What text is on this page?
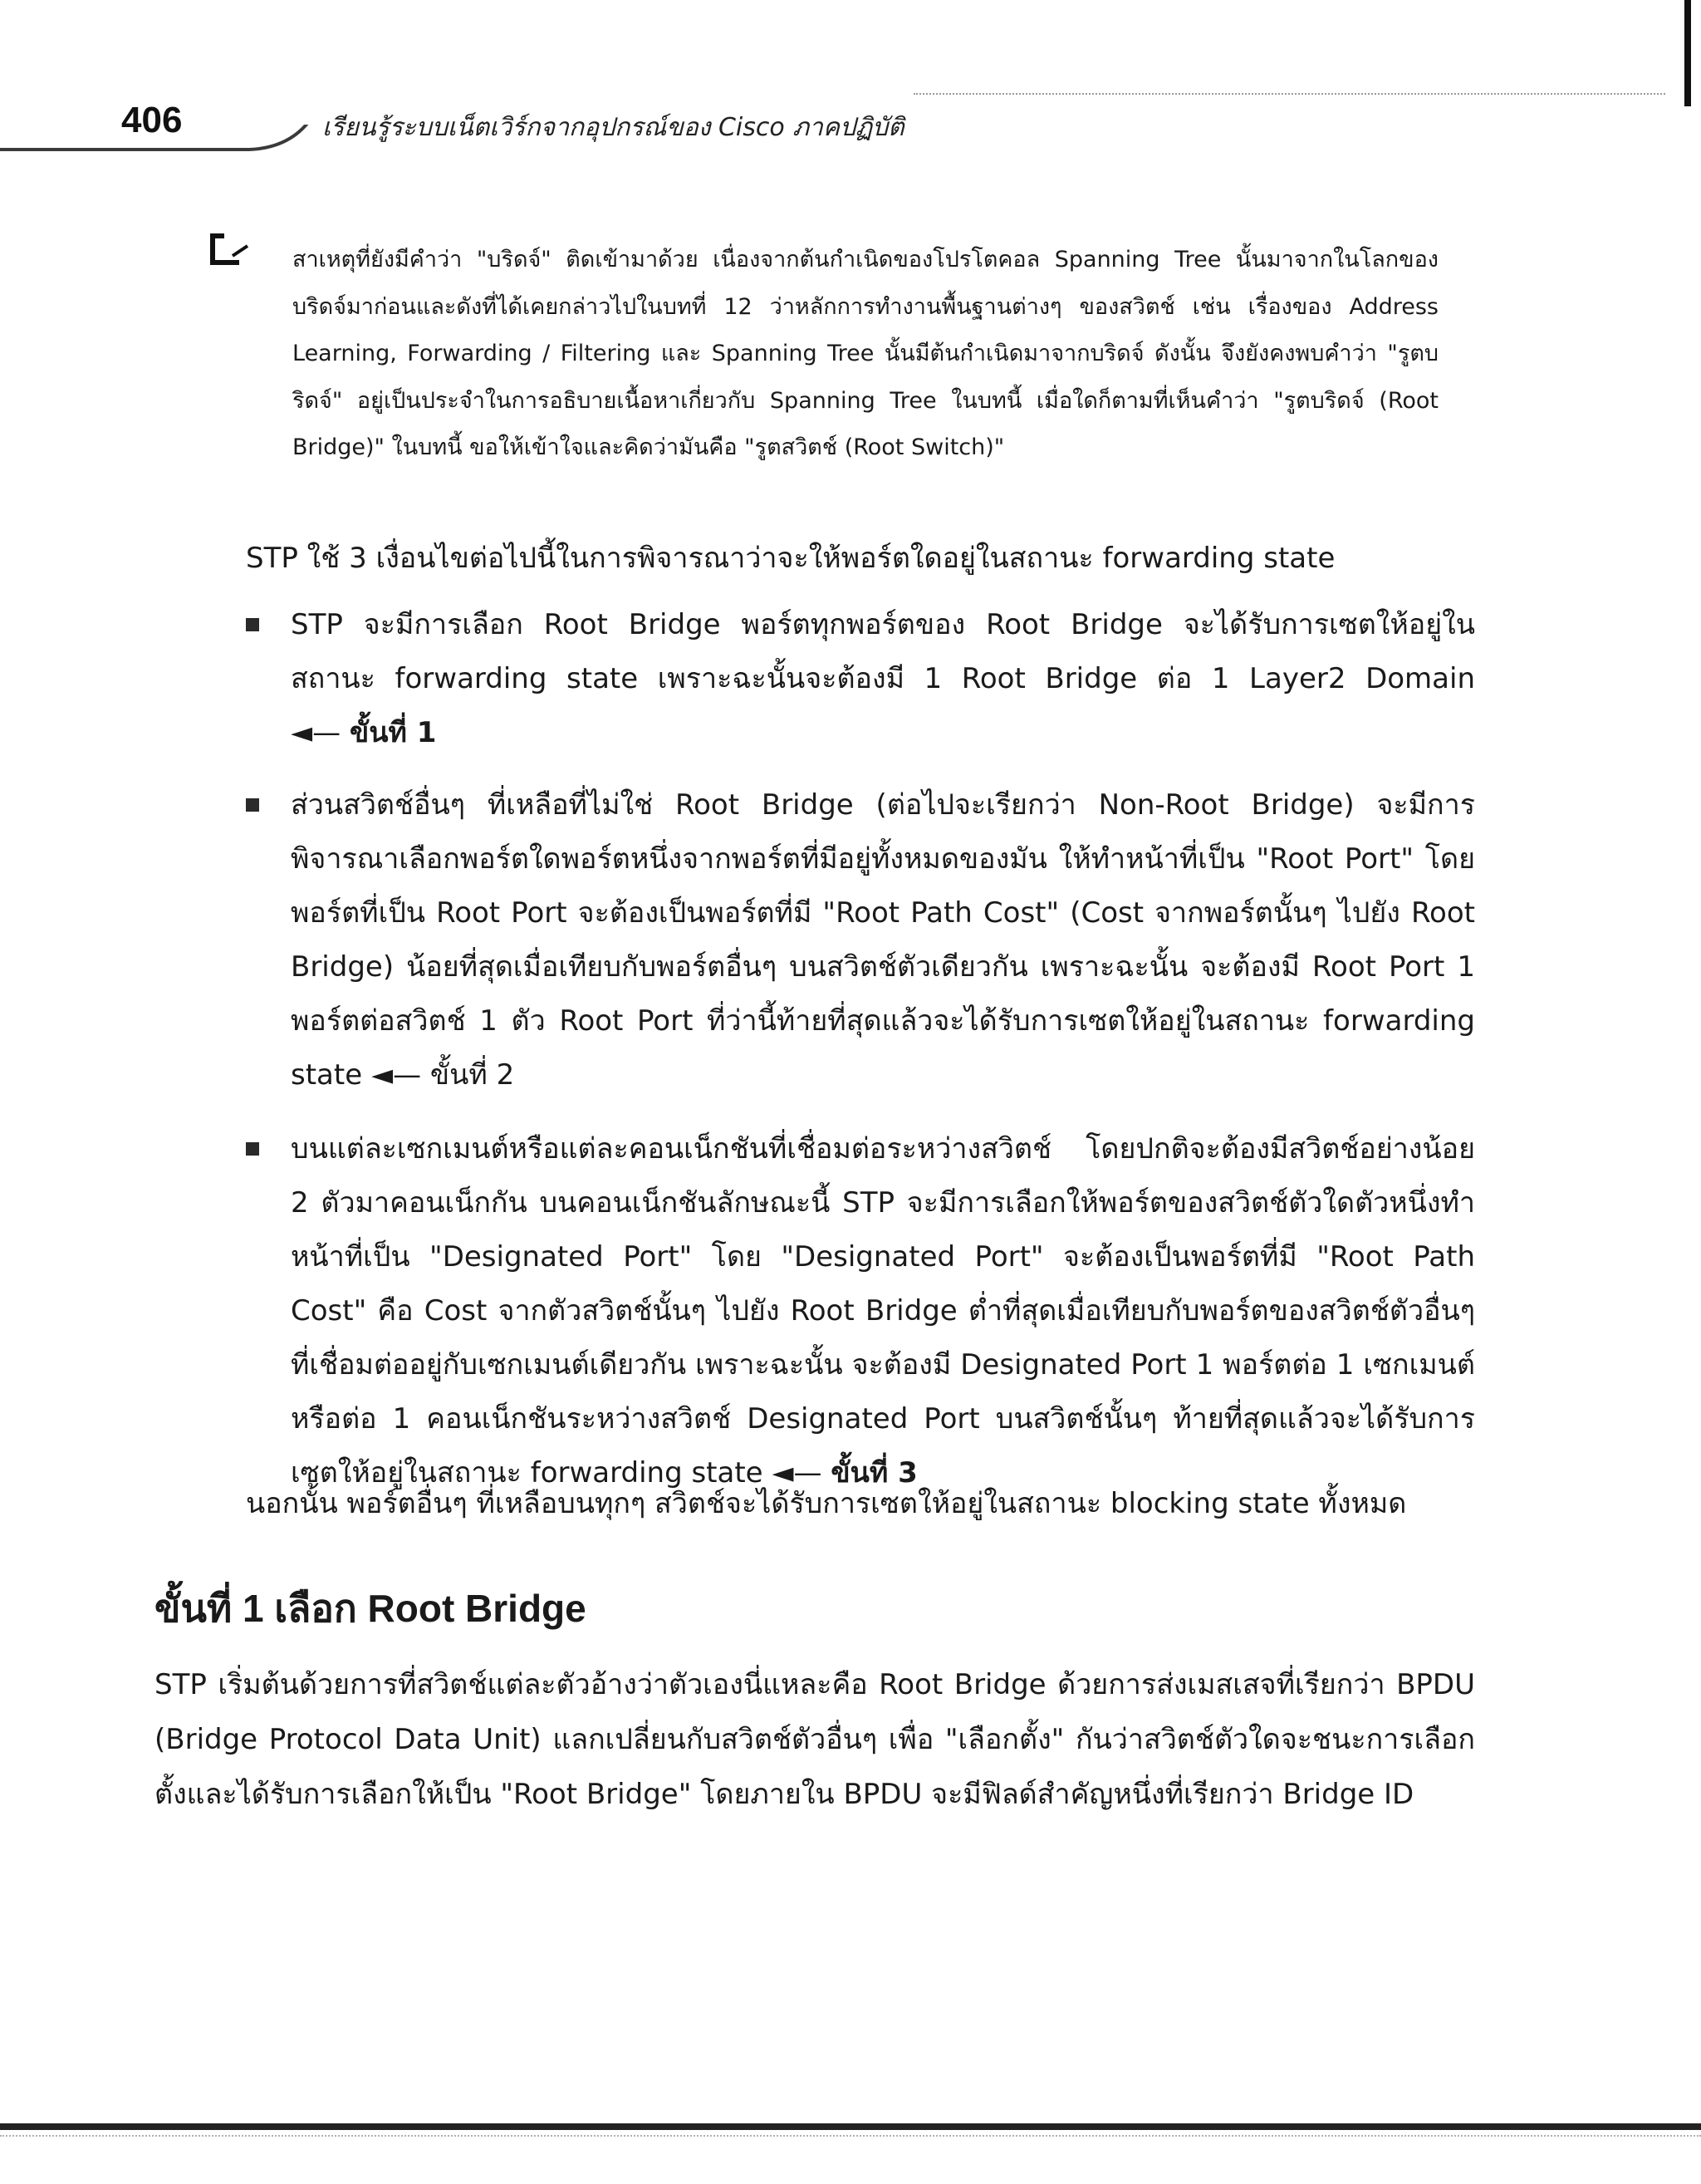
406	เรียนรู้ระบบเน็ตเวิร์กจากอุปกรณ์ของ Cisco ภาคปฏิบัติ
สาเหตุที่ยังมีคำว่า "บริดจ์" ติดเข้ามาด้วย เนื่องจากต้นกำเนิดของโปรโตคอล Spanning Tree นั้นมาจากในโลกของบริดจ์มาก่อนและดังที่ได้เคยกล่าวไปในบทที่ 12 ว่าหลักการทำงานพื้นฐานต่างๆ ของสวิตช์ เช่น เรื่องของ Address Learning, Forwarding / Filtering และ Spanning Tree นั้นมีต้นกำเนิดมาจากบริดจ์ ดังนั้น จึงยังคงพบคำว่า "รูตบริดจ์" อยู่เป็นประจำในการอธิบายเนื้อหาเกี่ยวกับ Spanning Tree ในบทนี้ เมื่อใดก็ตามที่เห็นคำว่า "รูตบริดจ์ (Root Bridge)" ในบทนี้ ขอให้เข้าใจและคิดว่ามันคือ "รูตสวิตช์ (Root Switch)"
STP ใช้ 3 เงื่อนไขต่อไปนี้ในการพิจารณาว่าจะให้พอร์ตใดอยู่ในสถานะ forwarding state
STP จะมีการเลือก Root Bridge พอร์ตทุกพอร์ตของ Root Bridge จะได้รับการเซตให้อยู่ในสถานะ forwarding state เพราะฉะนั้นจะต้องมี 1 Root Bridge ต่อ 1 Layer2 Domain ◄— ขั้นที่ 1
ส่วนสวิตช์อื่นๆ ที่เหลือที่ไม่ใช่ Root Bridge (ต่อไปจะเรียกว่า Non-Root Bridge) จะมีการพิจารณาเลือกพอร์ตใดพอร์ตหนึ่งจากพอร์ตที่มีอยู่ทั้งหมดของมัน ให้ทำหน้าที่เป็น "Root Port" โดยพอร์ตที่เป็น Root Port จะต้องเป็นพอร์ตที่มี "Root Path Cost" (Cost จากพอร์ตนั้นๆ ไปยัง Root Bridge) น้อยที่สุดเมื่อเทียบกับพอร์ตอื่นๆ บนสวิตช์ตัวเดียวกัน เพราะฉะนั้น จะต้องมี Root Port 1 พอร์ตต่อสวิตช์ 1 ตัว Root Port ที่ว่านี้ท้ายที่สุดแล้วจะได้รับการเซตให้อยู่ในสถานะ forwarding state ◄— ขั้นที่ 2
บนแต่ละเซกเมนต์หรือแต่ละคอนเน็กชันที่เชื่อมต่อระหว่างสวิตช์ โดยปกติจะต้องมีสวิตช์อย่างน้อย 2 ตัวมาคอนเน็กกัน บนคอนเน็กชันลักษณะนี้ STP จะมีการเลือกให้พอร์ตของสวิตช์ตัวใดตัวหนึ่งทำหน้าที่เป็น "Designated Port" โดย "Designated Port" จะต้องเป็นพอร์ตที่มี "Root Path Cost" คือ Cost จากตัวสวิตช์นั้นๆ ไปยัง Root Bridge ต่ำที่สุดเมื่อเทียบกับพอร์ตของสวิตช์ตัวอื่นๆ ที่เชื่อมต่ออยู่กับเซกเมนต์เดียวกัน เพราะฉะนั้น จะต้องมี Designated Port 1 พอร์ตต่อ 1 เซกเมนต์หรือต่อ 1 คอนเน็กชันระหว่างสวิตช์ Designated Port บนสวิตช์นั้นๆ ท้ายที่สุดแล้วจะได้รับการเซตให้อยู่ในสถานะ forwarding state ◄— ขั้นที่ 3
นอกนั้น พอร์ตอื่นๆ ที่เหลือบนทุกๆ สวิตช์จะได้รับการเซตให้อยู่ในสถานะ blocking state ทั้งหมด
ขั้นที่ 1 เลือก Root Bridge
STP เริ่มต้นด้วยการที่สวิตช์แต่ละตัวอ้างว่าตัวเองนี่แหละคือ Root Bridge ด้วยการส่งเมสเสจที่เรียกว่า BPDU (Bridge Protocol Data Unit) แลกเปลี่ยนกับสวิตช์ตัวอื่นๆ เพื่อ "เลือกตั้ง" กันว่าสวิตช์ตัวใดจะชนะการเลือกตั้งและได้รับการเลือกให้เป็น "Root Bridge" โดยภายใน BPDU จะมีฟิลด์สำคัญหนึ่งที่เรียกว่า Bridge ID
